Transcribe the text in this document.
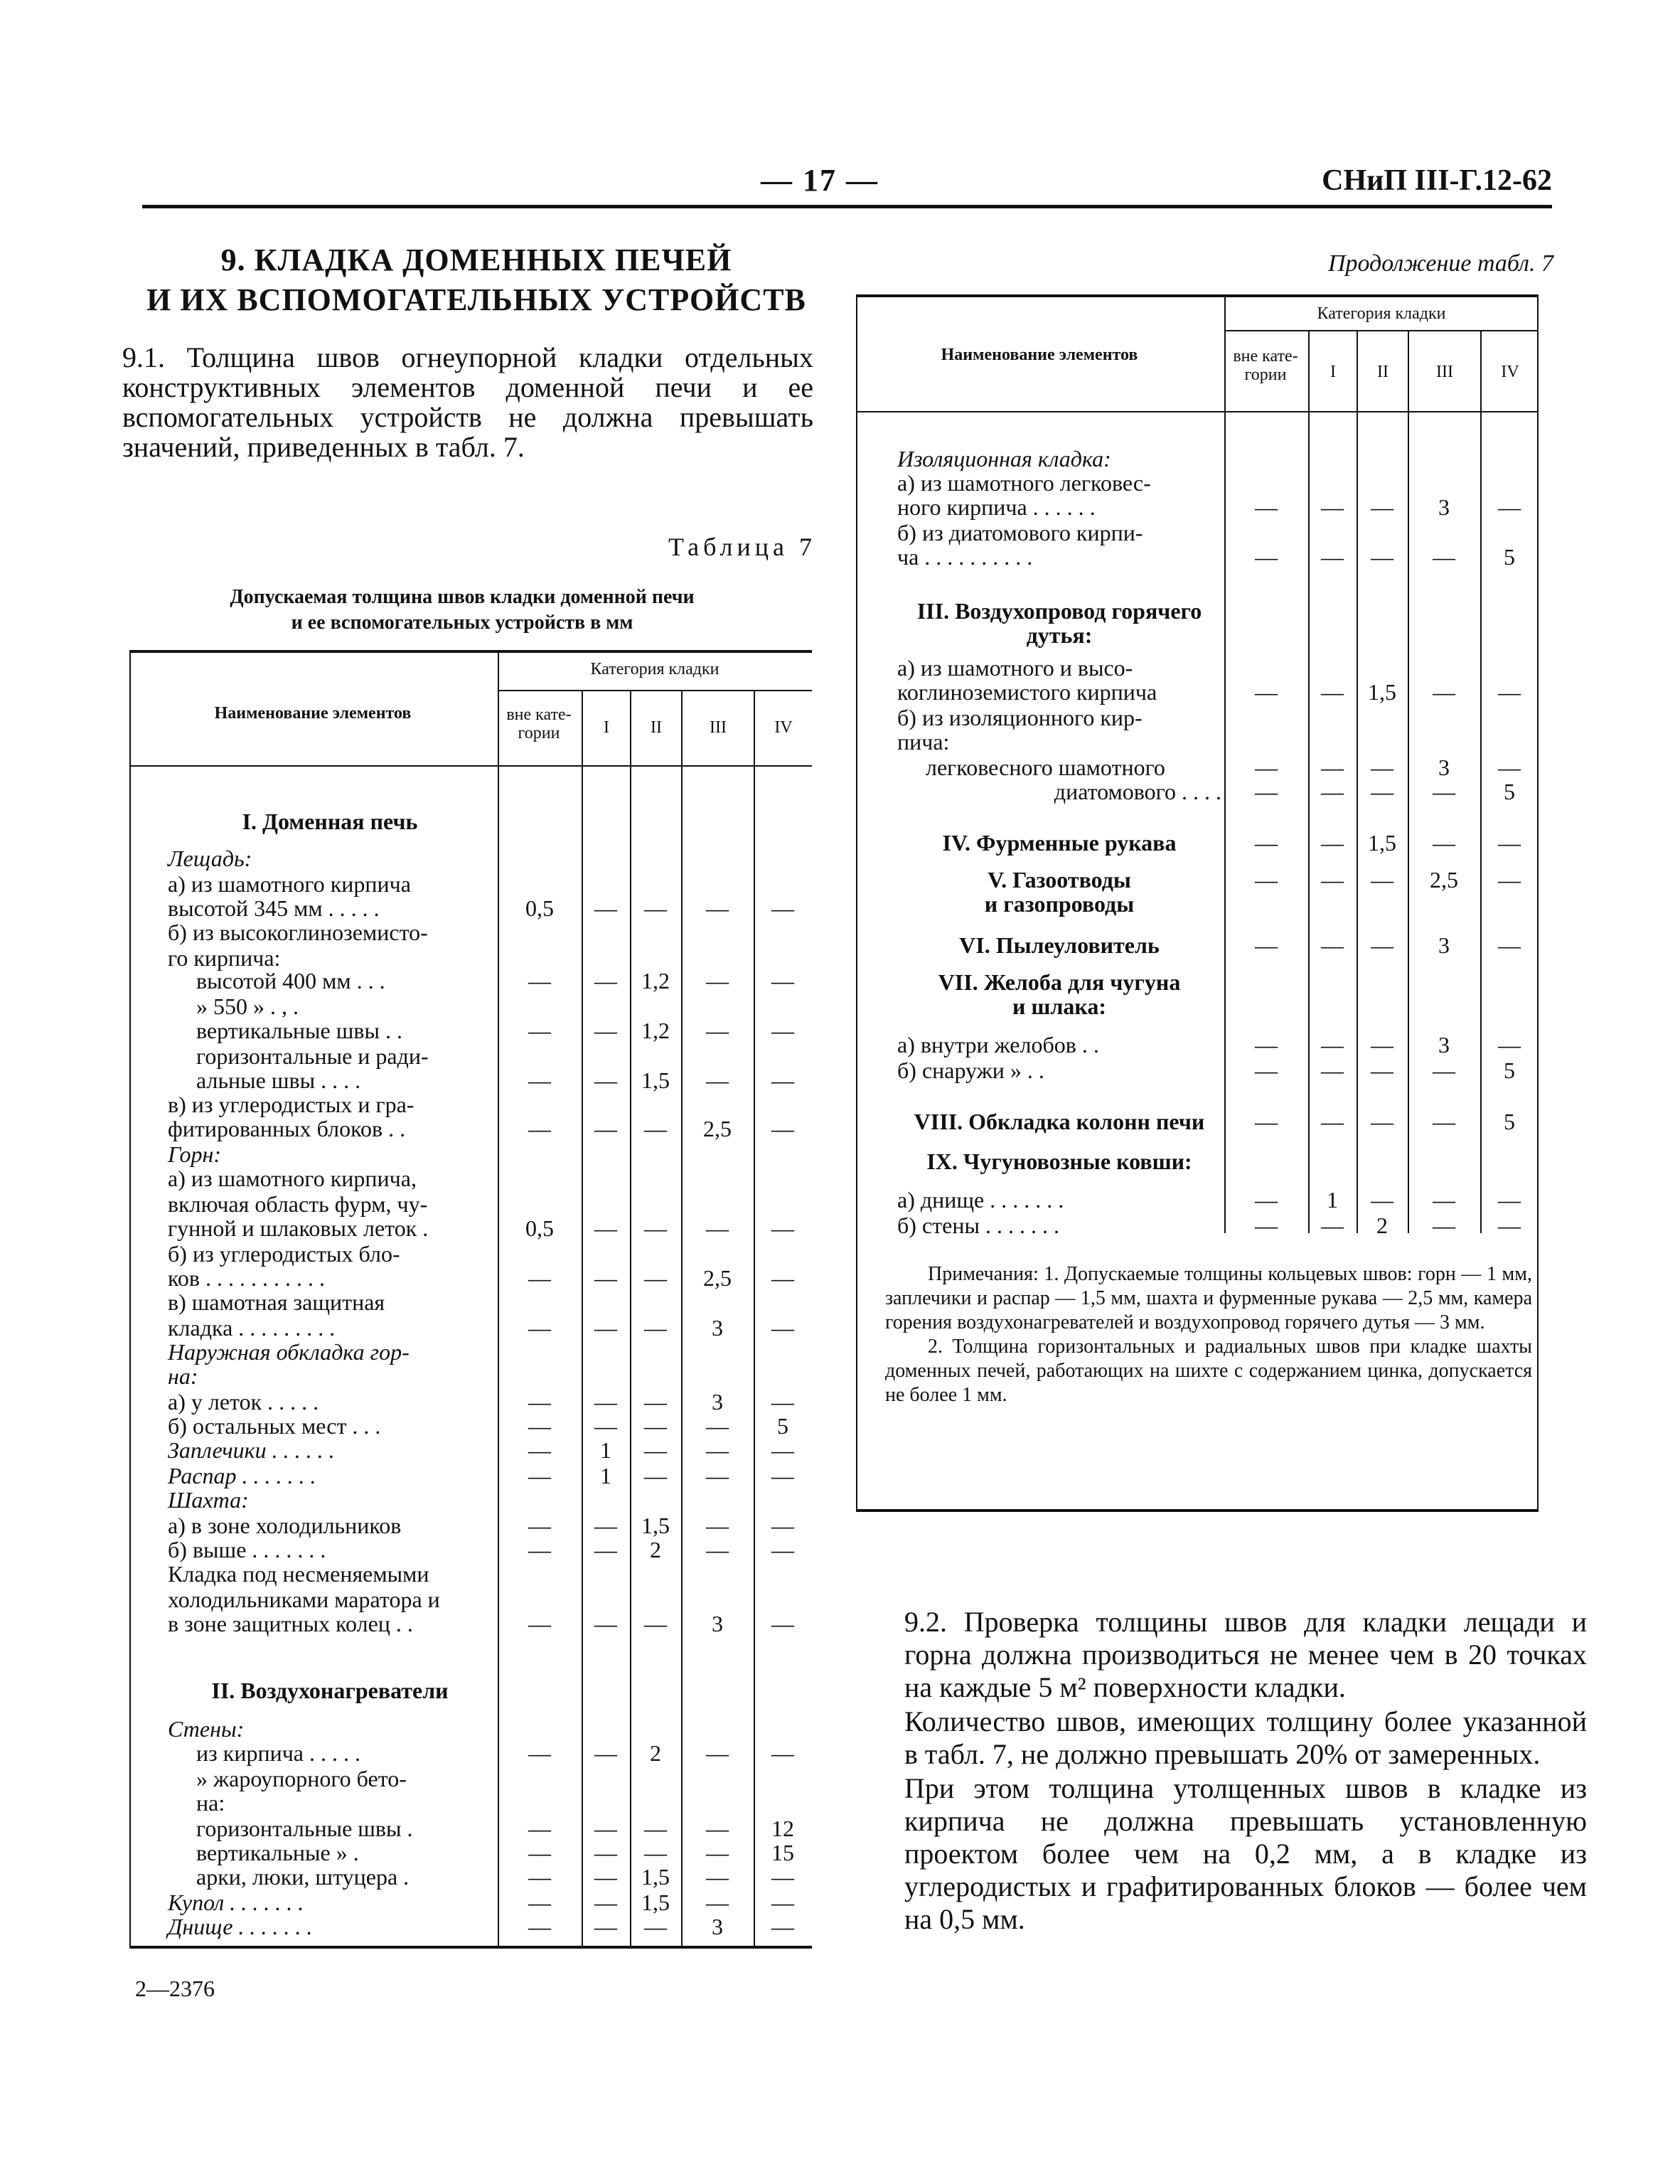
— 17 —	СНиП III-Г.12-62
9. КЛАДКА ДОМЕННЫХ ПЕЧЕЙ
И ИХ ВСПОМОГАТЕЛЬНЫХ УСТРОЙСТВ
9.1. Толщина швов огнеупорной кладки отдельных конструктивных элементов доменной печи и ее вспомогательных устройств не должна превышать значений, приведенных в табл. 7.
Таблица 7
Допускаемая толщина швов кладки доменной печи
и ее вспомогательных устройств в мм
Наименование элементов
Категория кладки
вне кате- гории	I	II	III	IV
I. Доменная печь
Лещадь:
а) из шамотного кирпича
высотой 345 мм . . . . .	0,5	—	—	—	—
б) из высокоглиноземисто-
го кирпича:
высотой 400 мм . . .	—	—	1,2	—	—
» 550 » . , .
вертикальные швы . .	—	—	1,2	—	—
горизонтальные и ради-
альные швы . . . .	—	—	1,5	—	—
в) из углеродистых и гра-
фитированных блоков . .	—	—	—	2,5	—
Горн:
а) из шамотного кирпича,
включая область фурм, чу-
гунной и шлаковых леток .	0,5	—	—	—	—
б) из углеродистых бло-
ков . . . . . . . . . . .	—	—	—	2,5	—
в) шамотная защитная
кладка . . . . . . . . .	—	—	—	3	—
Наружная обкладка гор-
на:
а) у леток . . . . .	—	—	—	3	—
б) остальных мест . . .	—	—	—	—	5
Заплечики . . . . . .	—	1	—	—	—
Распар . . . . . . .	—	1	—	—	—
Шахта:
а) в зоне холодильников	—	—	1,5	—	—
б) выше . . . . . . .	—	—	2	—	—
Кладка под несменяемыми
холодильниками маратора и
в зоне защитных колец . .	—	—	—	3	—
II. Воздухонагреватели
Стены:
из кирпича . . . . .	—	—	2	—	—
» жароупорного бето-
на:
горизонтальные швы .	—	—	—	—	12
вертикальные » .	—	—	—	—	15
арки, люки, штуцера .	—	—	1,5	—	—
Купол . . . . . . .	—	—	1,5	—	—
Днище . . . . . . .	—	—	—	3	—
Продолжение табл. 7
Наименование элементов
Категория кладки
вне кате- гории	I	II	III	IV
Изоляционная кладка:
а) из шамотного легковес-
ного кирпича . . . . . .	—	—	—	3	—
б) из диатомового кирпи-
ча . . . . . . . . . .	—	—	—	—	5
III. Воздухопровод горячего
дутья:
а) из шамотного и высо-
коглиноземистого кирпича	—	—	1,5	—	—
б) из изоляционного кир-
пича:
легковесного шамотного	—	—	—	3	—
диатомового . . . .	—	—	—	—	5
IV. Фурменные рукава	—	—	1,5	—	—
V. Газоотводы	—	—	—	2,5	—
и газопроводы
VI. Пылеуловитель	—	—	—	3	—
VII. Желоба для чугуна
и шлака:
а) внутри желобов . .	—	—	—	3	—
б) снаружи » . .	—	—	—	—	5
VIII. Обкладка колонн печи	—	—	—	—	5
IX. Чугуновозные ковши:
а) днище . . . . . . .	—	1	—	—	—
б) стены . . . . . . .	—	—	2	—	—
Примечания: 1. Допускаемые толщины кольцевых швов: горн — 1 мм, заплечики и распар — 1,5 мм, шахта и фурменные рукава — 2,5 мм, камера горения воздухонагревателей и воздухопровод горячего дутья — 3 мм.
2. Толщина горизонтальных и радиальных швов при кладке шахты доменных печей, работающих на шихте с содержанием цинка, допускается не более 1 мм.

9.2. Проверка толщины швов для кладки лещади и горна должна производиться не менее чем в 20 точках на каждые 5 м² поверхности кладки.

Количество швов, имеющих толщину более указанной в табл. 7, не должно превышать 20% от замеренных.

При этом толщина утолщенных швов в кладке из кирпича не должна превышать установленную проектом более чем на 0,2 мм, а в кладке из углеродистых и графитированных блоков — более чем на 0,5 мм.

2—2376
